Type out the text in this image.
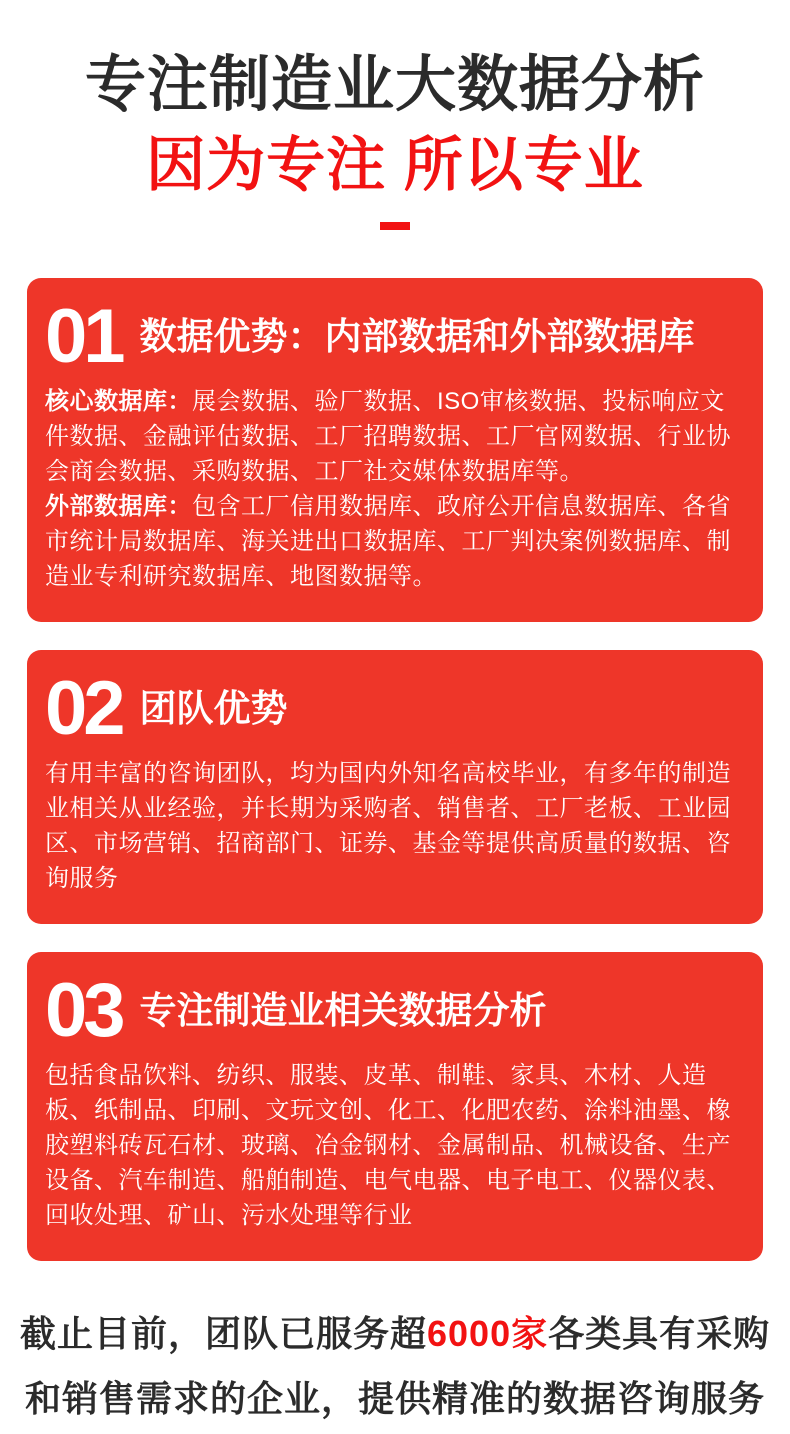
专注制造业大数据分析
因为专注 所以专业
01 数据优势：内部数据和外部数据库

核心数据库：展会数据、验厂数据、ISO审核数据、投标响应文件数据、金融评估数据、工厂招聘数据、工厂官网数据、行业协会商会数据、采购数据、工厂社交媒体数据库等。

外部数据库：包含工厂信用数据库、政府公开信息数据库、各省市统计局数据库、海关进出口数据库、工厂判决案例数据库、制造业专利研究数据库、地图数据等。

02 团队优势

有用丰富的咨询团队，均为国内外知名高校毕业，有多年的制造业相关从业经验，并长期为采购者、销售者、工厂老板、工业园区、市场营销、招商部门、证券、基金等提供高质量的数据、咨询服务

03 专注制造业相关数据分析

包括食品饮料、纺织、服装、皮革、制鞋、家具、木材、人造板、纸制品、印刷、文玩文创、化工、化肥农药、涂料油墨、橡胶塑料砖瓦石材、玻璃、冶金钢材、金属制品、机械设备、生产设备、汽车制造、船舶制造、电气电器、电子电工、仪器仪表、回收处理、矿山、污水处理等行业

截止目前，团队已服务超6000家各类具有采购

和销售需求的企业，提供精准的数据咨询服务
